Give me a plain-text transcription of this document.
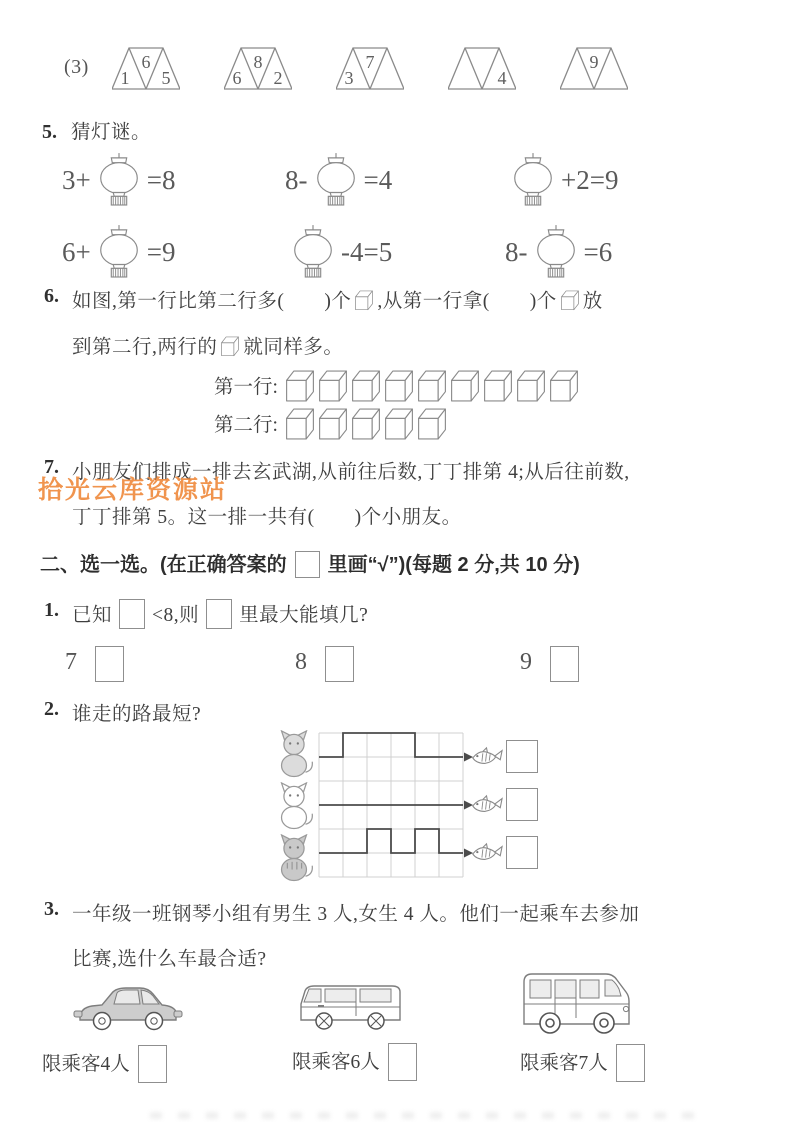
(3) 1
6
5	6
8
2	3
7
4
9
5. 猜灯谜。
3+ =8	8- =4	+2=9
6+ =9	-4=5	8- =6
6. 如图,第一行比第二行多(　　)个 ,从第一行拿(　　)个 放
到第二行,两行的 就同样多。
第一行:
第二行:
7. 小朋友们排成一排去玄武湖,从前往后数,丁丁排第 4;从后往前数,
丁丁排第 5。这一排一共有(　　)个小朋友。
拾光云库资源站
二、选一选。(在正确答案的 里画“√”)(每题 2 分,共 10 分)
1. 已知 <8,则 里最大能填几?
7	8	9
2. 谁走的路最短?
3. 一年级一班钢琴小组有男生 3 人,女生 4 人。他们一起乘车去参加
比赛,选什么车最合适?
限乘客4人	限乘客6人	限乘客7人
